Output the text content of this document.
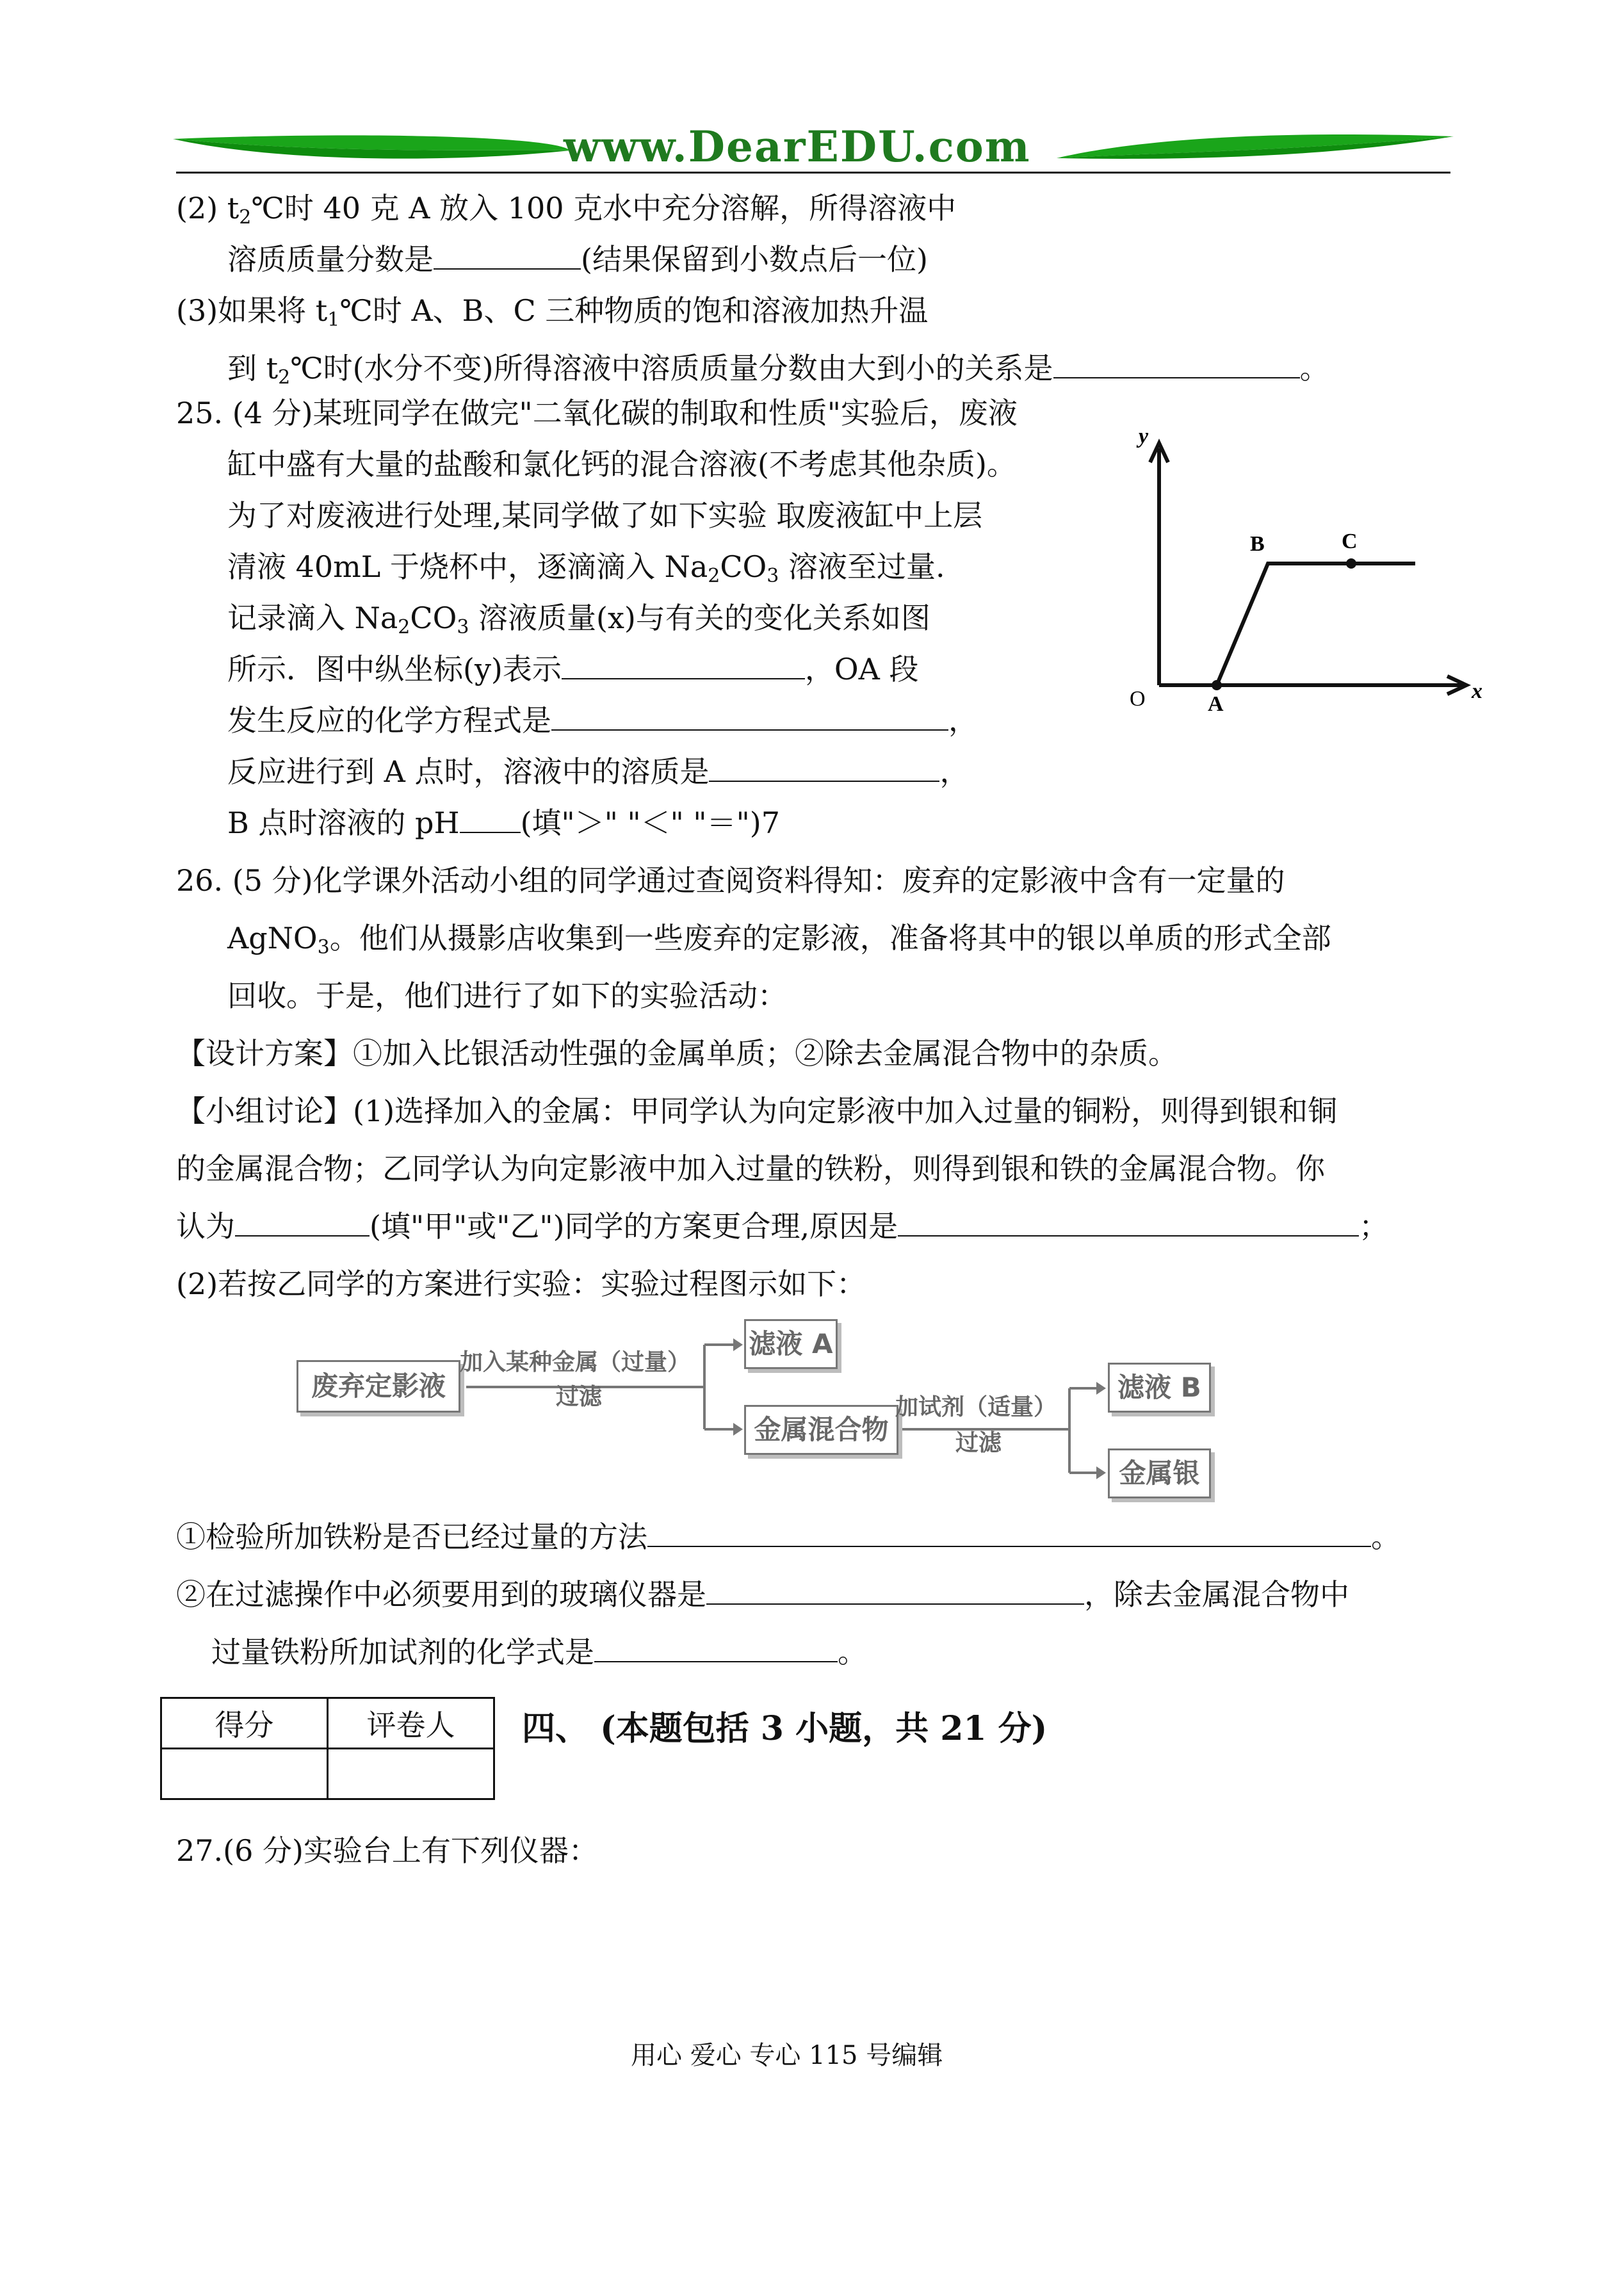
www.DearEDU.com
(2) $t_2℃$时 40 克 A 放入 100 克水中充分溶解，所得溶液中
溶质质量分数是	(结果保留到小数点后一位)
(3)如果将 $t_1℃$时 A、B、C 三种物质的饱和溶液加热升温
到 $t_2℃$时(水分不变)所得溶液中溶质质量分数由大到小的关系是	。
25. (4 分)某班同学在做完"二氧化碳的制取和性质"实验后，废液
缸中盛有大量的盐酸和氯化钙的混合溶液(不考虑其他杂质)。
为了对废液进行处理,某同学做了如下实验 取废液缸中上层
清液 40mL 于烧杯中，逐滴滴入 $Na_2CO_3$ 溶液至过量.
记录滴入 $Na_2CO_3$ 溶液质量(x)与有关的变化关系如图
所示．图中纵坐标(y)表示	，OA 段
发生反应的化学方程式是	，
反应进行到 A 点时，溶液中的溶质是	，
B 点时溶液的 pH (填"＞" "＜" "＝")7
y
x
O	A
B	C
26. (5 分)化学课外活动小组的同学通过查阅资料得知：废弃的定影液中含有一定量的
AgNO$_3$。他们从摄影店收集到一些废弃的定影液，准备将其中的银以单质的形式全部
回收。于是，他们进行了如下的实验活动：
【设计方案】①加入比银活动性强的金属单质；②除去金属混合物中的杂质。
【小组讨论】(1)选择加入的金属：甲同学认为向定影液中加入过量的铜粉，则得到银和铜
的金属混合物；乙同学认为向定影液中加入过量的铁粉，则得到银和铁的金属混合物。你
认为	(填"甲"或"乙")同学的方案更合理,原因是	；
(2)若按乙同学的方案进行实验：实验过程图示如下：
废弃定影液
加入某种金属（过量）
过滤
滤液 A
金属混合物
加试剂（适量）
过滤
滤液 B
金属银
①检验所加铁粉是否已经过量的方法	。
②在过滤操作中必须要用到的玻璃仪器是	，除去金属混合物中
过量铁粉所加试剂的化学式是	。
得分	评卷人
	四、 (本题包括 3 小题，共 21 分)
27.(6 分)实验台上有下列仪器：
用心 爱心 专心 115 号编辑
